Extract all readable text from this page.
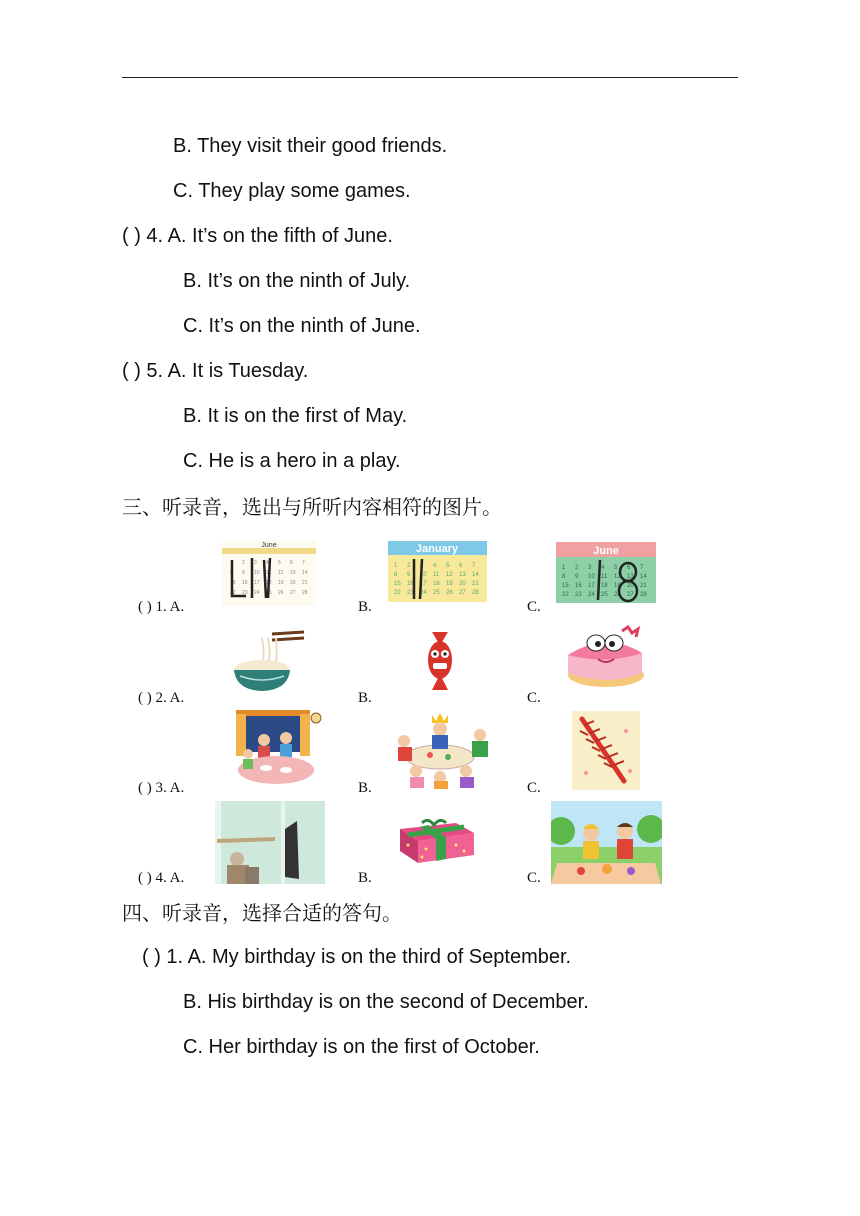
B. They visit their good friends.
C. They play some games.
( ) 4. A. It’s on the fifth of June.
B. It’s on the ninth of July.
C. It’s on the ninth of June.
( ) 5. A. It is Tuesday.
B. It is on the first of May.
C. He is a hero in a play.
三、听录音，选出与所听内容相符的图片。
( ) 1. A.	B.	C.
( ) 2. A.	B.	C.
( ) 3. A.	B.	C.
( ) 4. A.	B.	C.
June
1 2 3 4 5 6 7
8 9 10 11 12 13 14
15 16 17 18 19 20 21
22 23 24 25 26 27 28
January
1 2 3 4 5 6 7
8 9 10 11 12 13 14
15 16 17 18 19 20 21
22 23 24 25 26 27 28
June
1 2 3 4 5 6 7
8 9 10 11 12 13 14
15 16 17 18 19 20 21
22 23 24 25 26 27 28
四、听录音，选择合适的答句。
( ) 1. A. My birthday is on the third of September.
B. His birthday is on the second of December.
C. Her birthday is on the first of October.
